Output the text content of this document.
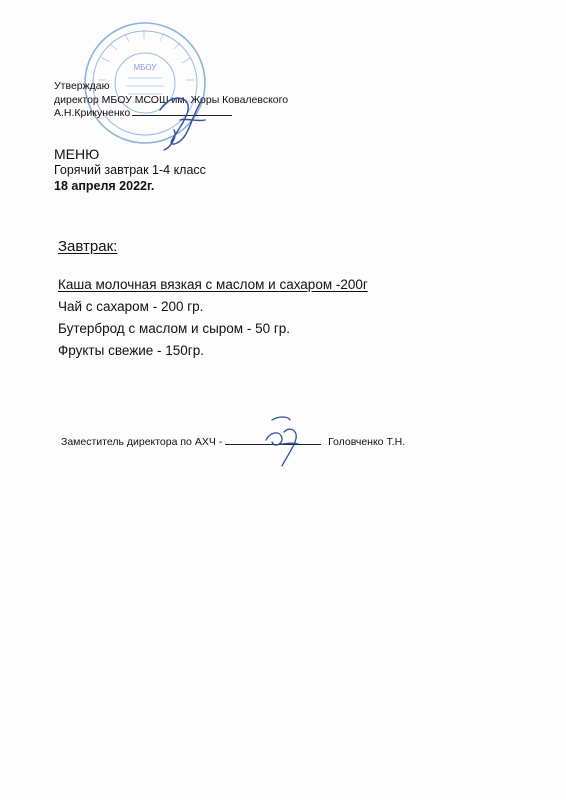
МБОУ
Утверждаю
директор МБОУ МСОШ им. Жоры Ковалевского
А.Н.Крикуненко
МЕНЮ
Горячий завтрак 1-4 класс
18 апреля 2022г.
Завтрак:
Каша молочная вязкая с маслом и сахаром -200г
Чай с сахаром - 200 гр.
Бутерброд с маслом и сыром - 50 гр.
Фрукты свежие - 150гр.
Заместитель директора по АХЧ -	Головченко Т.Н.
